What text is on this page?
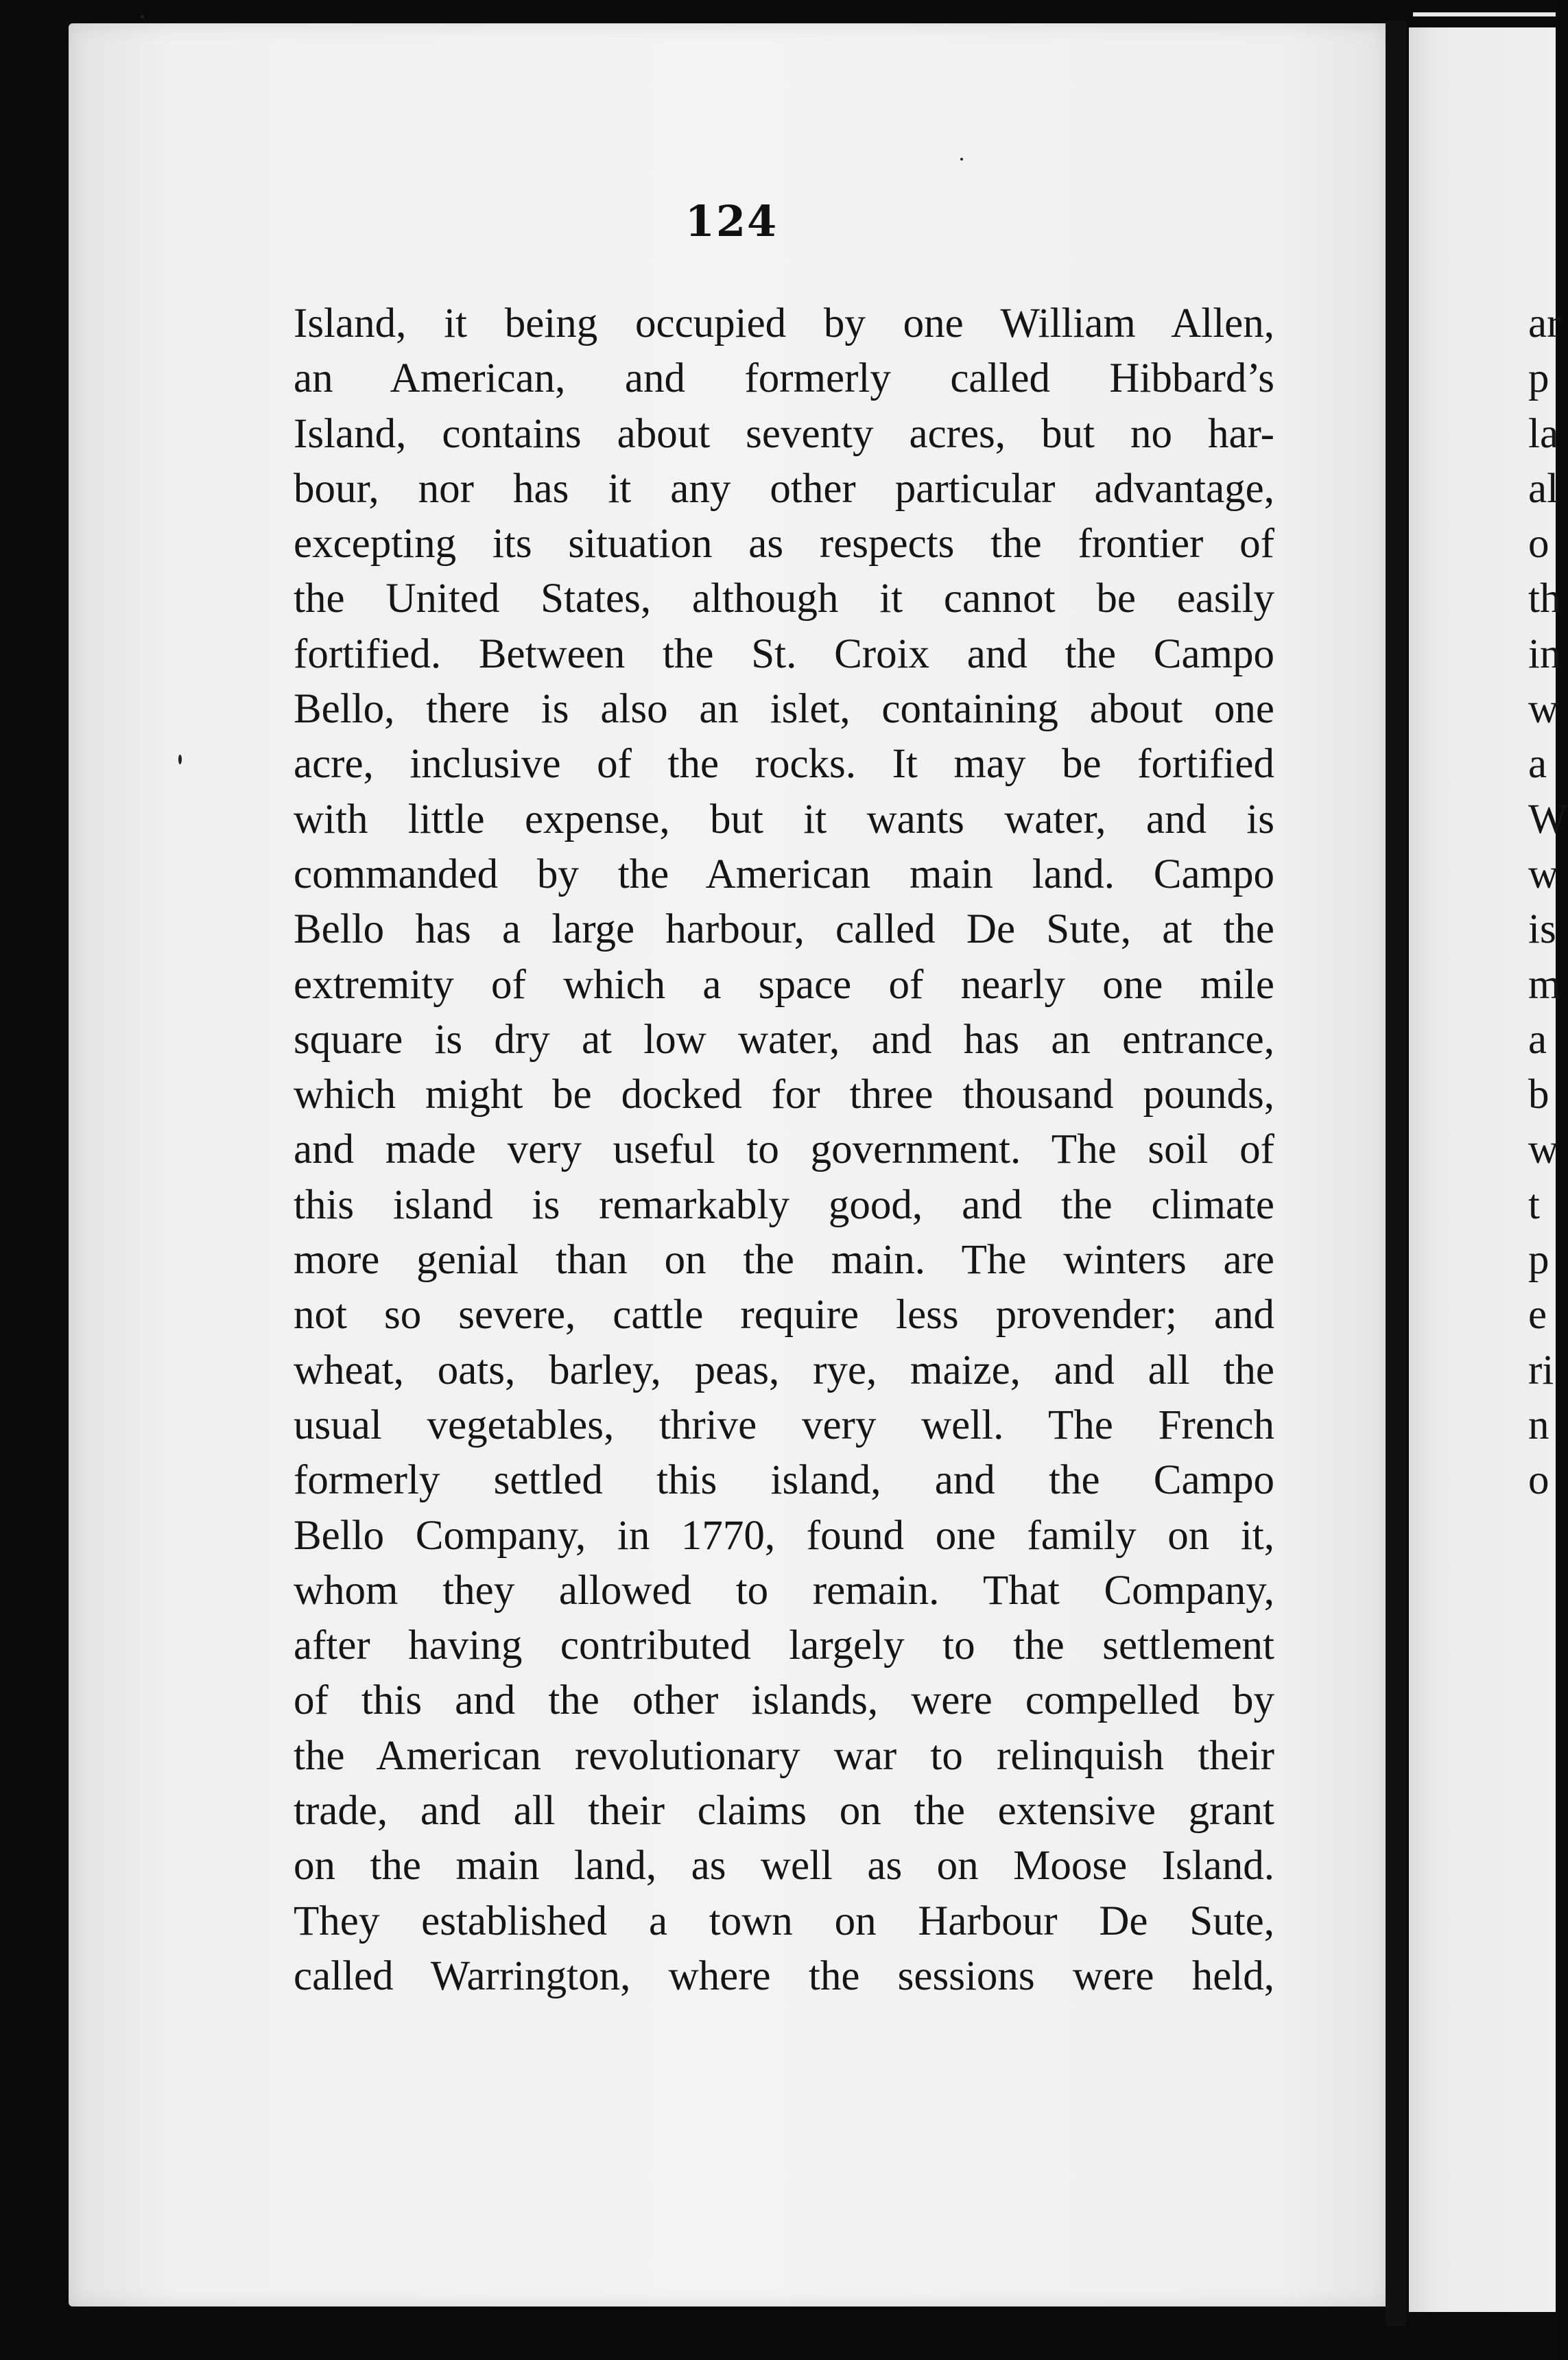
124
Island, it being occupied by one William Allen,
an American, and formerly called Hibbard’s
Island, contains about seventy acres, but no har-
bour, nor has it any other particular advantage,
excepting its situation as respects the frontier of
the United States, although it cannot be easily
fortified. Between the St. Croix and the Campo
Bello, there is also an islet, containing about one
acre, inclusive of the rocks. It may be fortified
with little expense, but it wants water, and is
commanded by the American main land. Campo
Bello has a large harbour, called De Sute, at the
extremity of which a space of nearly one mile
square is dry at low water, and has an entrance,
which might be docked for three thousand pounds,
and made very useful to government. The soil of
this island is remarkably good, and the climate
more genial than on the main. The winters are
not so severe, cattle require less provender; and
wheat, oats, barley, peas, rye, maize, and all the
usual vegetables, thrive very well. The French
formerly settled this island, and the Campo
Bello Company, in 1770, found one family on it,
whom they allowed to remain. That Company,
after having contributed largely to the settlement
of this and the other islands, were compelled by
the American revolutionary war to relinquish their
trade, and all their claims on the extensive grant
on the main land, as well as on Moose Island.
They established a town on Harbour De Sute,
called Warrington, where the sessions were held,
ar
p
la
al
o
th
in
w
a
W
w
is
m
a
b
w
t
p
e
ri
n
o
